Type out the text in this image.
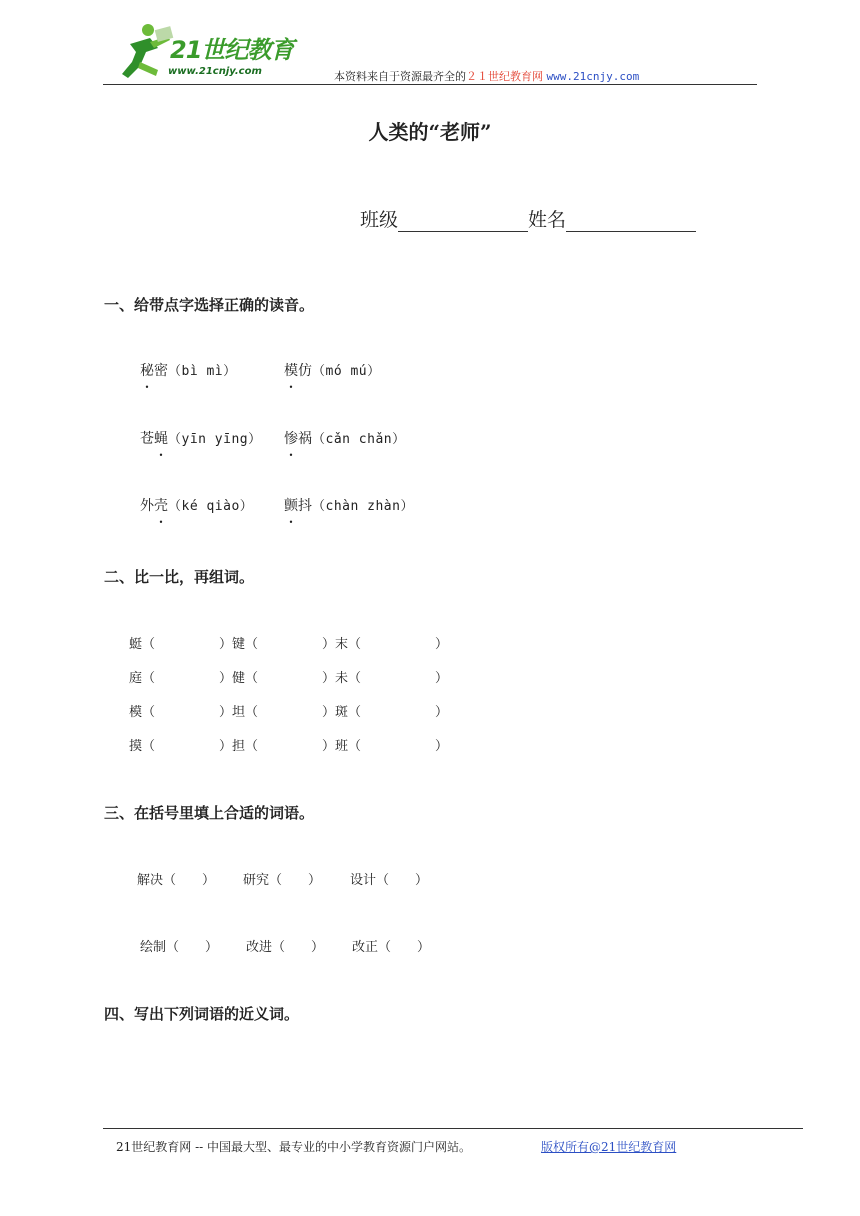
21世纪教育
www.21cnjy.com	本资料来自于资源最齐全的２１世纪教育网 www.21cnjy.com
人类的“老师”
班级	姓名
一、给带点字选择正确的读音。
秘密（bì mì）	模仿（mó mú）
苍蝇（yīn yīng） 惨祸（cǎn chǎn）
外壳（ké qiào） 颤抖（chàn zhàn）
二、比一比，再组词。
蜓（	）键（	）末（	）
庭（	）健（	）未（	）
模（	）坦（	）斑（	）
摸（	）担（	）班（	）
三、在括号里填上合适的词语。
解决（　　） 研究（　　） 设计（　　）
绘制（　　） 改进（　　） 改正（　　）
四、写出下列词语的近义词。
21世纪教育网 -- 中国最大型、最专业的中小学教育资源门户网站。	版权所有@21世纪教育网
